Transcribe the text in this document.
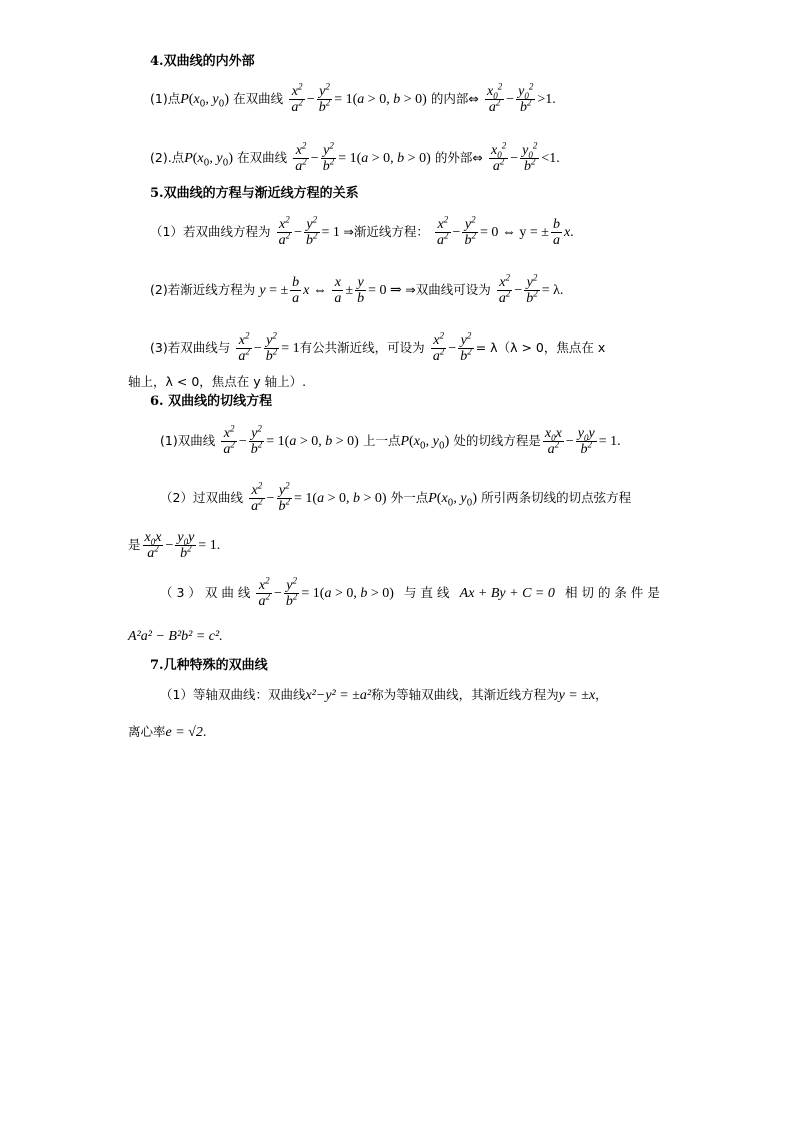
4.双曲线的内外部
(1)点$P(x_0$, $y_0$) 在双曲线 $\frac{x^2}{a^2} - \frac{y^2}{b^2} = 1(a > 0$, b > 0) 的内部⇔ $\frac{x_0^2}{a^2} - \frac{y_0^2}{b^2} >1$.
(2).点$P(x_0$, $y_0$) 在双曲线 $\frac{x^2}{a^2} - \frac{y^2}{b^2} = 1(a > 0$, b > 0) 的外部⇔ $\frac{x_0^2}{a^2} - \frac{y_0^2}{b^2} <1$.
5.双曲线的方程与渐近线方程的关系
（1）若双曲线方程为 $\frac{x^2}{a^2} - \frac{y^2}{b^2} = 1$ ⇒渐近线方程： $\frac{x^2}{a^2} - \frac{y^2}{b^2} = 0$ ⇔ y = ± $\frac{b}{a} x$.
(2)若渐近线方程为 y = ± $\frac{b}{a}$ x ⇔ $\frac{x}{a} \pm \frac{y}{b} = 0$ ⇒ ⇒双曲线可设为 $\frac{x^2}{a^2} - \frac{y^2}{b^2} = \lambda$.
(3)若双曲线与 $\frac{x^2}{a^2} - \frac{y^2}{b^2} = 1$有公共渐近线，可设为 $\frac{x^2}{a^2} - \frac{y^2}{b^2} = \lambda(\lambda > 0$，焦点在 x
轴上，λ < 0，焦点在 y 轴上）.
6. 双曲线的切线方程
(1)双曲线 $\frac{x^2}{a^2} - \frac{y^2}{b^2} = 1(a > 0$, b > 0) 上一点$P(x_0$, $y_0$) 处的切线方程是 $\frac{x_0x}{a^2} - \frac{y_0y}{b^2} = 1$.
（2）过双曲线 $\frac{x^2}{a^2} - \frac{y^2}{b^2} = 1(a > 0$, b > 0) 外一点$P(x_0$, $y_0$) 所引两条切线的切点弦方程
是 $\frac{x_0x}{a^2} - \frac{y_0y}{b^2} = 1$.
（ 3 ） 双 曲 线 $\frac{x^2}{a^2} - \frac{y^2}{b^2} = 1(a > 0$, b > 0) 与 直 线 Ax + By + C = 0 相 切 的 条 件 是
A²a² − B²b² = c².
7.几种特殊的双曲线
（1）等轴双曲线：双曲线x²−y² = ±a²称为等轴双曲线，其渐近线方程为y = ±x，
离心率e = √2.
